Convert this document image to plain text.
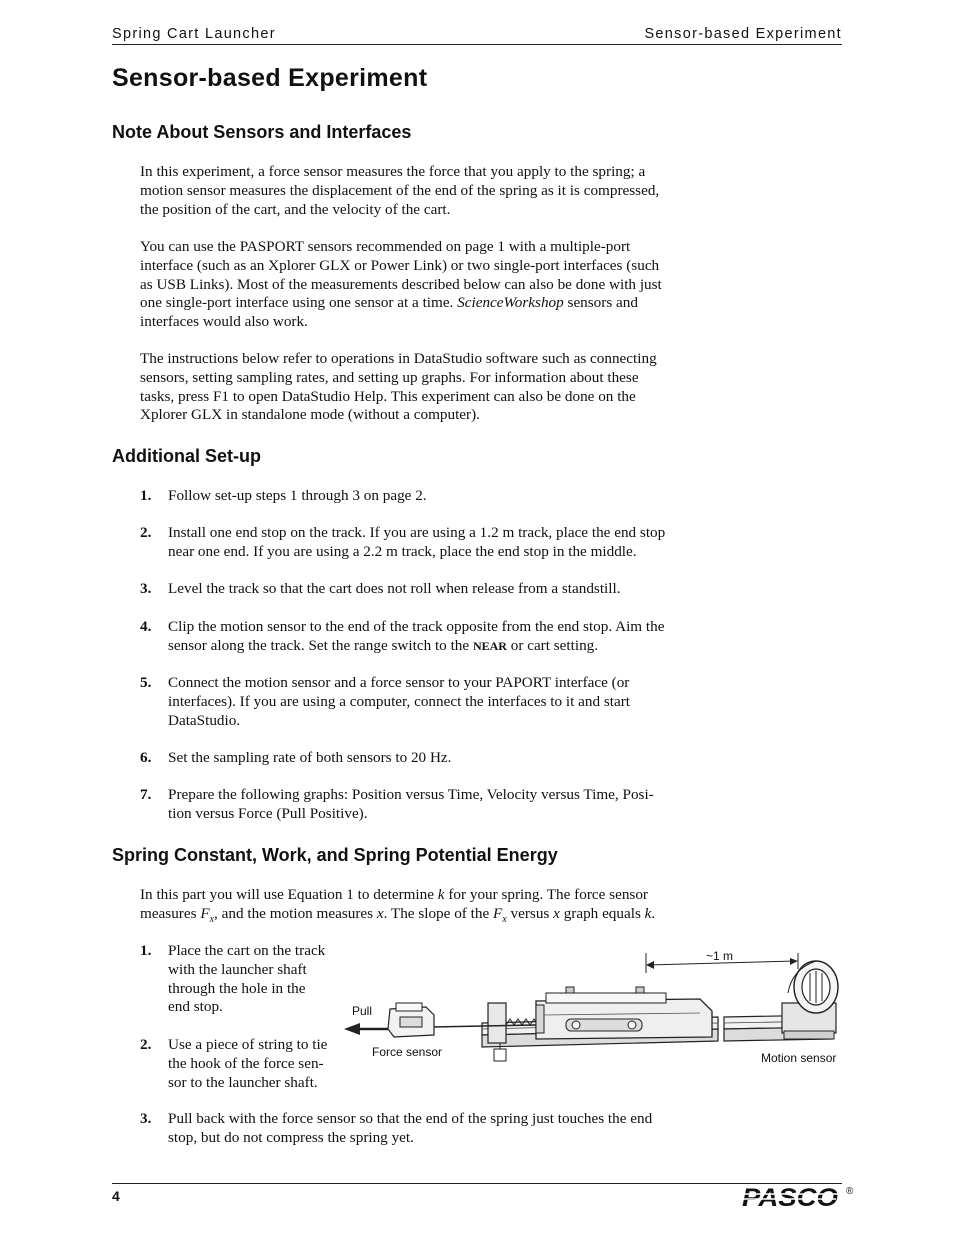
Spring Cart Launcher	Sensor-based Experiment
Sensor-based Experiment
Note About Sensors and Interfaces
In this experiment, a force sensor measures the force that you apply to the spring; a
motion sensor measures the displacement of the end of the spring as it is compressed,
the position of the cart, and the velocity of the cart.
You can use the PASPORT sensors recommended on page 1 with a multiple-port
interface (such as an Xplorer GLX or Power Link) or two single-port interfaces (such
as USB Links). Most of the measurements described below can also be done with just
one single-port interface using one sensor at a time. ScienceWorkshop sensors and
interfaces would also work.
The instructions below refer to operations in DataStudio software such as connecting
sensors, setting sampling rates, and setting up graphs. For information about these
tasks, press F1 to open DataStudio Help. This experiment can also be done on the
Xplorer GLX in standalone mode (without a computer).
Additional Set-up
1.	Follow set-up steps 1 through 3 on page 2.
2.	Install one end stop on the track. If you are using a 1.2 m track, place the end stop
near one end. If you are using a 2.2 m track, place the end stop in the middle.
3.	Level the track so that the cart does not roll when release from a standstill.
4.	Clip the motion sensor to the end of the track opposite from the end stop. Aim the
sensor along the track. Set the range switch to the NEAR or cart setting.
5.	Connect the motion sensor and a force sensor to your PAPORT interface (or
interfaces). If you are using a computer, connect the interfaces to it and start
DataStudio.
6.	Set the sampling rate of both sensors to 20 Hz.
7.	Prepare the following graphs: Position versus Time, Velocity versus Time, Posi-
tion versus Force (Pull Positive).
Spring Constant, Work, and Spring Potential Energy
In this part you will use Equation 1 to determine k for your spring. The force sensor
measures $F_x$, and the motion measures x. The slope of the $F_x$ versus x graph equals k.
1.	Place the cart on the track
with the launcher shaft
through the hole in the
end stop.
2.	Use a piece of string to tie
the hook of the force sen-
sor to the launcher shaft.
3.	Pull back with the force sensor so that the end of the spring just touches the end
stop, but do not compress the spring yet.
~1 m
Pull
Force sensor	Motion sensor
4	PASCO ®
